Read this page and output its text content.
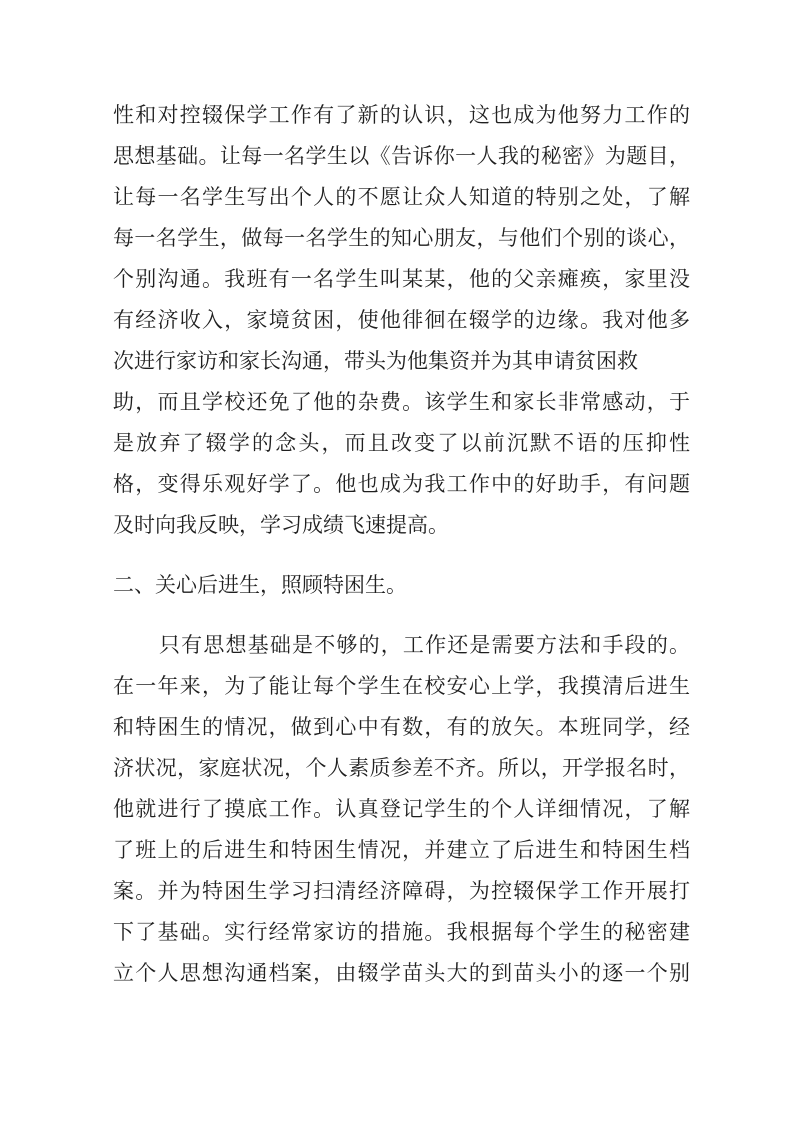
性和对控辍保学工作有了新的认识，这也成为他努力工作的
思想基础。让每一名学生以《告诉你一人我的秘密》为题目，
让每一名学生写出个人的不愿让众人知道的特别之处，了解
每一名学生，做每一名学生的知心朋友，与他们个别的谈心，
个别沟通。我班有一名学生叫某某，他的父亲瘫痪，家里没
有经济收入，家境贫困，使他徘徊在辍学的边缘。我对他多
次进行家访和家长沟通，带头为他集资并为其申请贫困救
助，而且学校还免了他的杂费。该学生和家长非常感动，于
是放弃了辍学的念头，而且改变了以前沉默不语的压抑性
格，变得乐观好学了。他也成为我工作中的好助手，有问题
及时向我反映，学习成绩飞速提高。
二、关心后进生，照顾特困生。
只有思想基础是不够的，工作还是需要方法和手段的。
在一年来，为了能让每个学生在校安心上学，我摸清后进生
和特困生的情况，做到心中有数，有的放矢。本班同学，经
济状况，家庭状况，个人素质参差不齐。所以，开学报名时，
他就进行了摸底工作。认真登记学生的个人详细情况，了解
了班上的后进生和特困生情况，并建立了后进生和特困生档
案。并为特困生学习扫清经济障碍，为控辍保学工作开展打
下了基础。实行经常家访的措施。我根据每个学生的秘密建
立个人思想沟通档案，由辍学苗头大的到苗头小的逐一个别
